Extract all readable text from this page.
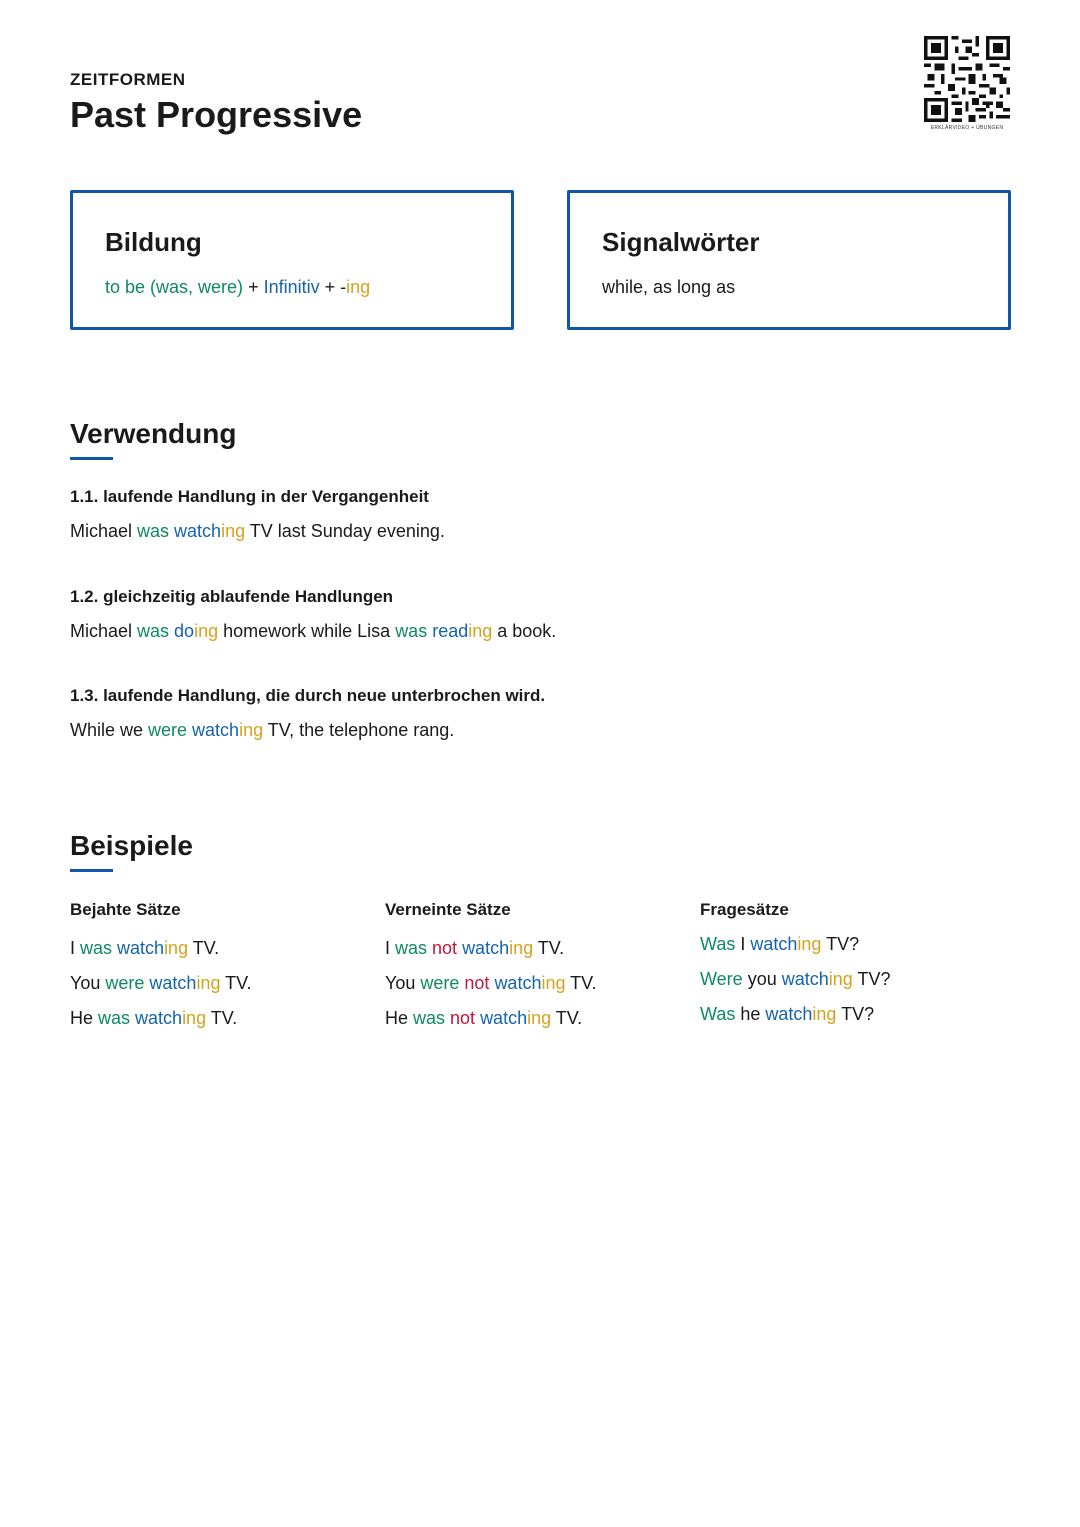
ZEITFORMEN
Past Progressive	ERKLÄRVIDEO + ÜBUNGEN
Bildung

to be (was, were) + Infinitiv + -ing

Signalwörter

while, as long as

Verwendung
1.1. laufende Handlung in der Vergangenheit
Michael was watching TV last Sunday evening.
1.2. gleichzeitig ablaufende Handlungen
Michael was doing homework while Lisa was reading a book.
1.3. laufende Handlung, die durch neue unterbrochen wird.
While we were watching TV, the telephone rang.
Beispiele
Bejahte Sätze

I was watching TV.

You were watching TV.

He was watching TV.

Verneinte Sätze

I was not watching TV.

You were not watching TV.

He was not watching TV.

Fragesätze

Was I watching TV?

Were you watching TV?

Was he watching TV?
